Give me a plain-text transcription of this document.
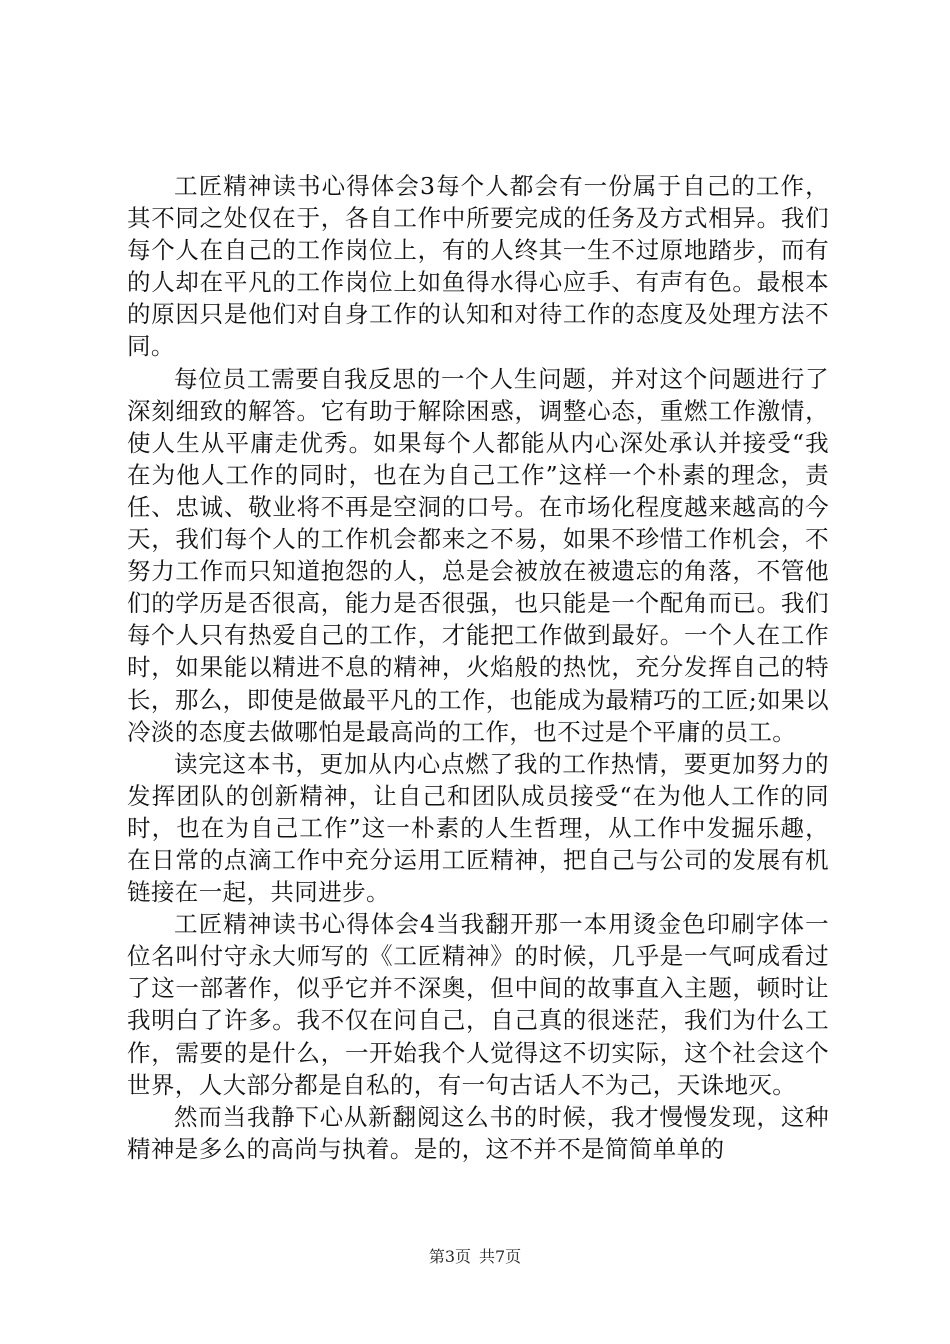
工匠精神读书心得体会3每个人都会有一份属于自己的工作，其不同之处仅在于，各自工作中所要完成的任务及方式相异。我们每个人在自己的工作岗位上，有的人终其一生不过原地踏步，而有的人却在平凡的工作岗位上如鱼得水得心应手、有声有色。最根本的原因只是他们对自身工作的认知和对待工作的态度及处理方法不同。

每位员工需要自我反思的一个人生问题，并对这个问题进行了深刻细致的解答。它有助于解除困惑，调整心态，重燃工作激情，使人生从平庸走优秀。如果每个人都能从内心深处承认并接受“我在为他人工作的同时，也在为自己工作”这样一个朴素的理念，责任、忠诚、敬业将不再是空洞的口号。在市场化程度越来越高的今天，我们每个人的工作机会都来之不易，如果不珍惜工作机会，不努力工作而只知道抱怨的人，总是会被放在被遗忘的角落，不管他们的学历是否很高，能力是否很强，也只能是一个配角而已。我们每个人只有热爱自己的工作，才能把工作做到最好。一个人在工作时，如果能以精进不息的精神，火焰般的热忱，充分发挥自己的特长，那么，即使是做最平凡的工作，也能成为最精巧的工匠;如果以冷淡的态度去做哪怕是最高尚的工作，也不过是个平庸的员工。

读完这本书，更加从内心点燃了我的工作热情，要更加努力的发挥团队的创新精神，让自己和团队成员接受“在为他人工作的同时，也在为自己工作”这一朴素的人生哲理，从工作中发掘乐趣，在日常的点滴工作中充分运用工匠精神，把自己与公司的发展有机链接在一起，共同进步。

工匠精神读书心得体会4当我翻开那一本用烫金色印刷字体一位名叫付守永大师写的《工匠精神》的时候，几乎是一气呵成看过了这一部著作，似乎它并不深奥，但中间的故事直入主题，顿时让我明白了许多。我不仅在问自己，自己真的很迷茫，我们为什么工作，需要的是什么，一开始我个人觉得这不切实际，这个社会这个世界，人大部分都是自私的，有一句古话人不为己，天诛地灭。

然而当我静下心从新翻阅这么书的时候，我才慢慢发现，这种精神是多么的高尚与执着。是的，这不并不是简简单单的

第3页 共7页
